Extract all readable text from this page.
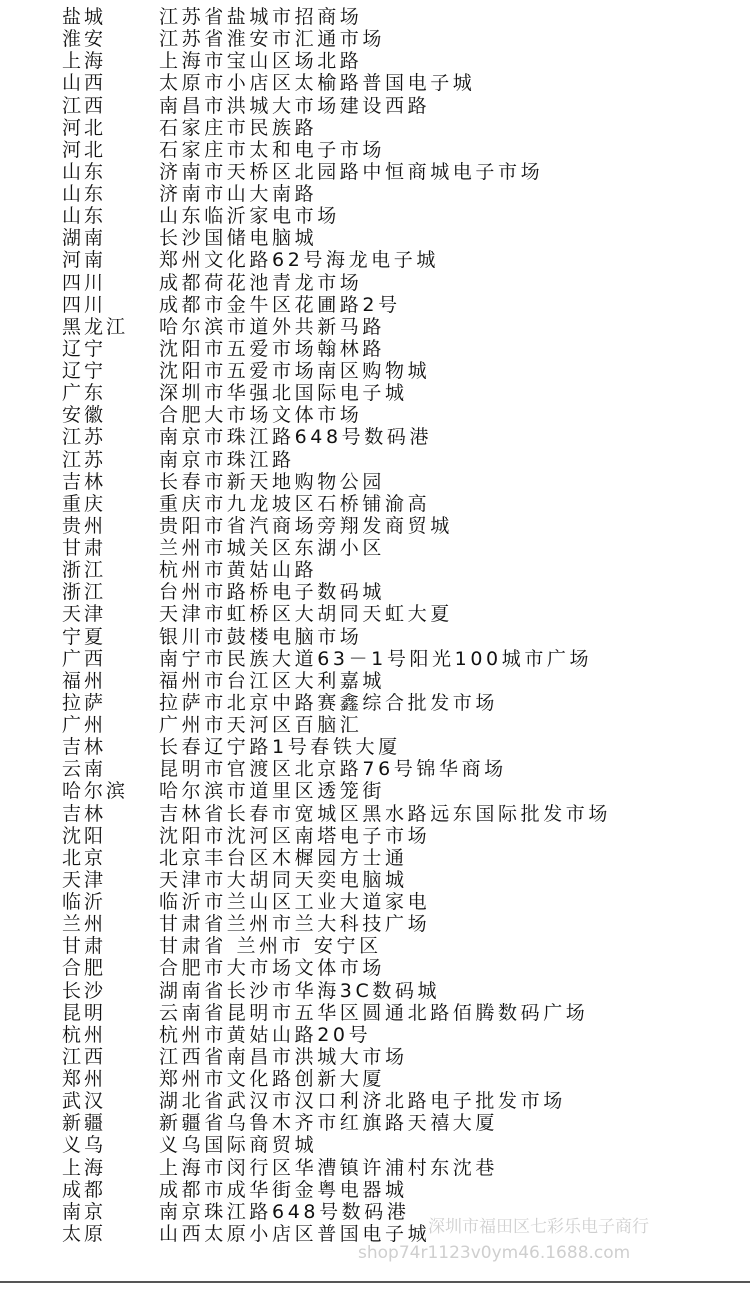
盐城	江苏省盐城市招商场
淮安	江苏省淮安市汇通市场
上海	上海市宝山区场北路
山西	太原市小店区太榆路普国电子城
江西	南昌市洪城大市场建设西路
河北	石家庄市民族路
河北	石家庄市太和电子市场
山东	济南市天桥区北园路中恒商城电子市场
山东	济南市山大南路
山东	山东临沂家电市场
湖南	长沙国储电脑城
河南	郑州文化路62号海龙电子城
四川	成都荷花池青龙市场
四川	成都市金牛区花圃路2号
黑龙江 哈尔滨市道外共新马路
辽宁	沈阳市五爱市场翰林路
辽宁	沈阳市五爱市场南区购物城
广东	深圳市华强北国际电子城
安徽	合肥大市场文体市场
江苏	南京市珠江路648号数码港
江苏	南京市珠江路
吉林	长春市新天地购物公园
重庆	重庆市九龙坡区石桥铺渝高
贵州	贵阳市省汽商场旁翔发商贸城
甘肃	兰州市城关区东湖小区
浙江	杭州市黄姑山路
浙江	台州市路桥电子数码城
天津	天津市虹桥区大胡同天虹大夏
宁夏	银川市鼓楼电脑市场
广西	南宁市民族大道63－1号阳光100城市广场
福州	福州市台江区大利嘉城
拉萨	拉萨市北京中路赛鑫综合批发市场
广州	广州市天河区百脑汇
吉林	长春辽宁路1号春铁大厦
云南	昆明市官渡区北京路76号锦华商场
哈尔滨 哈尔滨市道里区透笼街
吉林	吉林省长春市宽城区黑水路远东国际批发市场
沈阳	沈阳市沈河区南塔电子市场
北京	北京丰台区木樨园方士通
天津	天津市大胡同天奕电脑城
临沂	临沂市兰山区工业大道家电
兰州	甘肃省兰州市兰大科技广场
甘肃	甘肃省 兰州市 安宁区
合肥	合肥市大市场文体市场
长沙	湖南省长沙市华海3C数码城
昆明	云南省昆明市五华区圆通北路佰腾数码广场
杭州	杭州市黄姑山路20号
江西	江西省南昌市洪城大市场
郑州	郑州市文化路创新大厦
武汉	湖北省武汉市汉口利济北路电子批发市场
新疆	新疆省乌鲁木齐市红旗路天禧大厦
义乌	义乌国际商贸城
上海	上海市闵行区华漕镇许浦村东沈巷
成都	成都市成华街金粤电器城
南京	南京珠江路648号数码港
太原	山西太原小店区普国电子城
深圳市福田区七彩乐电子商行
shop74r1123v0ym46.1688.com
